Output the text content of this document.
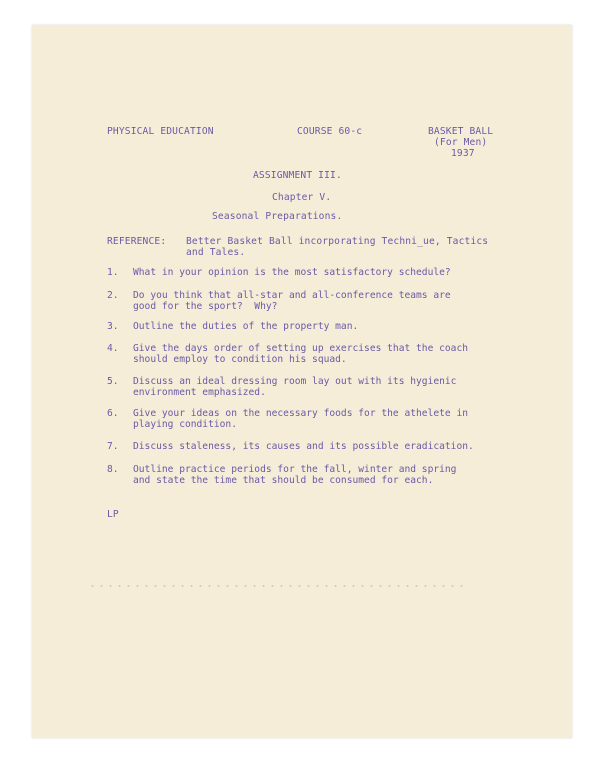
PHYSICAL EDUCATION	COURSE 60-c	BASKET BALL
(For Men)
1937
ASSIGNMENT III.
Chapter V.
Seasonal Preparations.
REFERENCE: Better Basket Ball incorporating Techni_ue, Tactics
and Tales.
1. What in your opinion is the most satisfactory schedule?
2. Do you think that all-star and all-conference teams are
good for the sport?  Why?
3. Outline the duties of the property man.
4. Give the days order of setting up exercises that the coach
should employ to condition his squad.
5. Discuss an ideal dressing room lay out with its hygienic
environment emphasized.
6. Give your ideas on the necessary foods for the athelete in
playing condition.
7. Discuss staleness, its causes and its possible eradication.
8. Outline practice periods for the fall, winter and spring
and state the time that should be consumed for each.
LP
